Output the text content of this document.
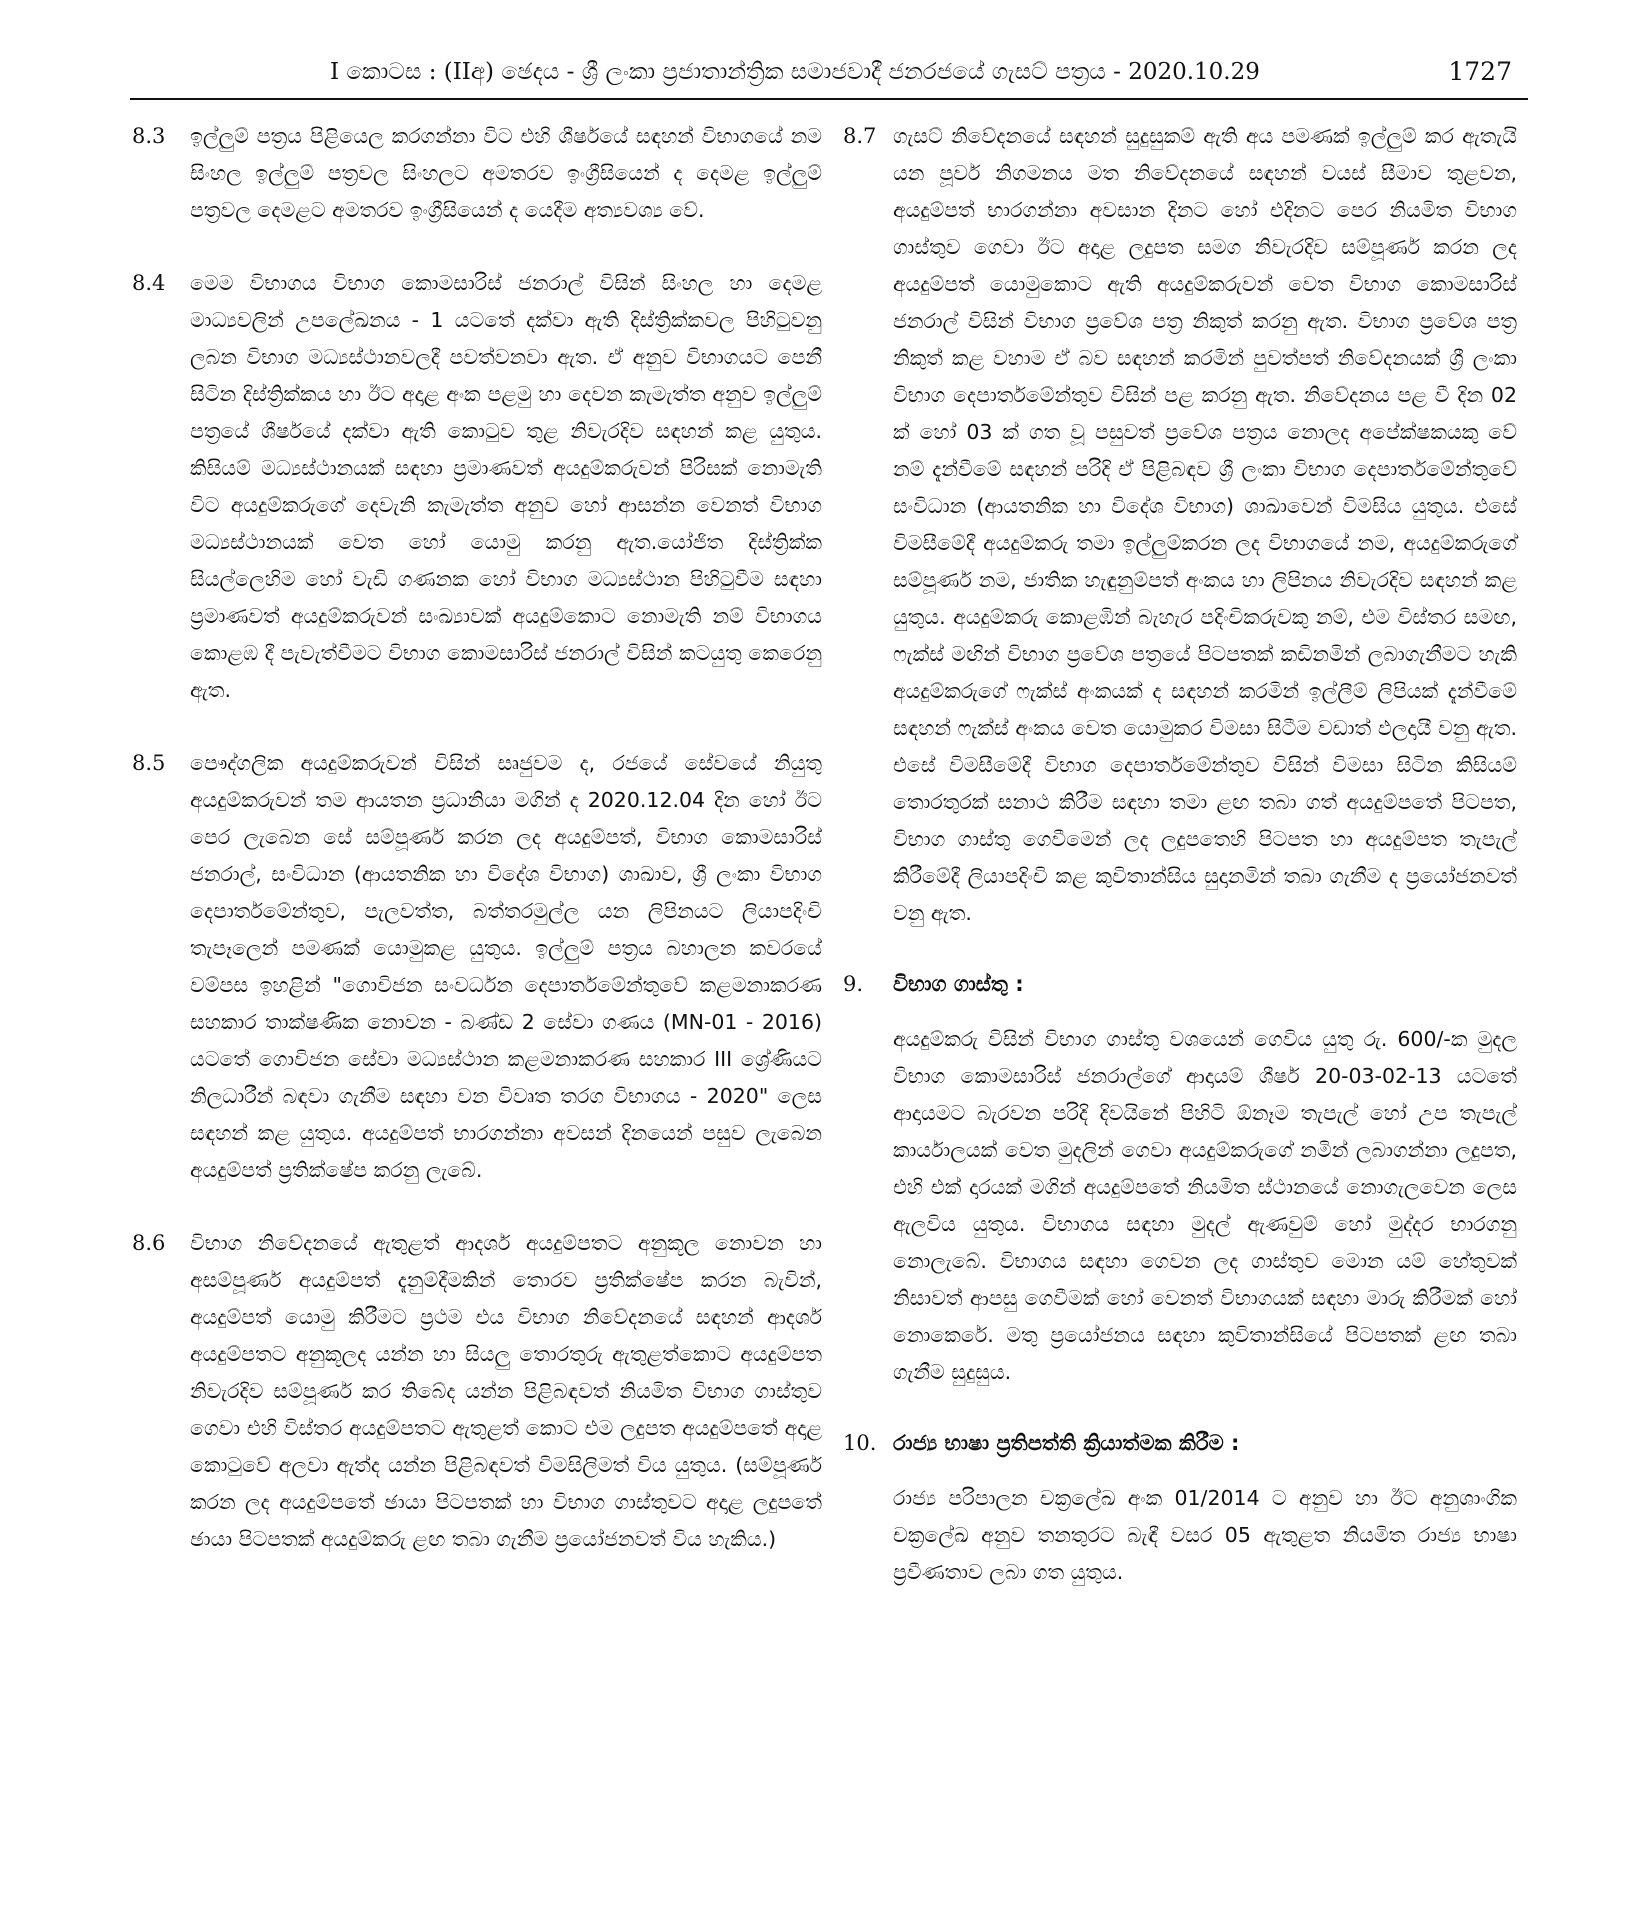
I කොටස : (IIඅ) ඡෙදය - ශ්‍රී ලංකා ප්‍රජාතාන්ත්‍රික සමාජවාදී ජනරජයේ ගැසට් පත්‍රය - 2020.10.29	1727
8.3 ඉල්ලුම් පත්‍රය පිළියෙල කරගන්නා විට එහි ශීර්ෂයේ සඳහන් විභාගයේ නම සිංහල ඉල්ලුම් පත්‍රවල සිංහලට අමතරව ඉංග්‍රීසියෙන් ද දෙමළ ඉල්ලුම් පත්‍රවල දෙමළට අමතරව ඉංග්‍රීසියෙන් ද යෙදීම අත්‍යවශ්‍ය වේ.

8.4 මෙම විභාගය විභාග කොමසාරිස් ජනරාල් විසින් සිංහල හා දෙමළ මාධ්‍යවලින් උපලේඛනය - 1 යටතේ දක්වා ඇති දිස්ත්‍රික්කවල පිහිටුවනු ලබන විභාග මධ්‍යස්ථානවලදී පවත්වනවා ඇත. ඒ අනුව විභාගයට පෙනී සිටින දිස්ත්‍රික්කය හා ඊට අදාළ අංක පළමු හා දෙවන කැමැත්ත අනුව ඉල්ලුම් පත්‍රයේ ශීර්ෂයේ දක්වා ඇති කොටුව තුළ නිවැරදිව සඳහන් කළ යුතුය. කිසියම් මධ්‍යස්ථානයක් සඳහා ප්‍රමාණවත් අයදුම්කරුවන් පිරිසක් නොමැති විට අයදුම්කරුගේ දෙවැනි කැමැත්ත අනුව හෝ ආසන්න වෙනත් විභාග මධ්‍යස්ථානයක් වෙත හෝ යොමු කරනු ඇත.යෝජිත දිස්ත්‍රික්ක සියල්ලෙහිම හෝ වැඩි ගණනක හෝ විභාග මධ්‍යස්ථාන පිහිටුවීම සඳහා ප්‍රමාණවත් අයදුම්කරුවන් සංඛ්‍යාවක් අයදුම්කොට නොමැති නම් විභාගය කොළඹ දී පැවැත්වීමට විභාග කොමසාරිස් ජනරාල් විසින් කටයුතු කෙරෙනු ඇත.

8.5 පෞද්ගලික අයදුම්කරුවන් විසින් සෘජුවම ද, රජයේ සේවයේ නියුතු අයදුම්කරුවන් තම ආයතන ප්‍රධානියා මගින් ද 2020.12.04 දින හෝ ඊට පෙර ලැබෙන සේ සම්පූර්ණ කරන ලද අයදුම්පත්, විභාග කොමසාරිස් ජනරාල්, සංවිධාන (ආයතනික හා විදේශ විභාග) ශාඛාව, ශ්‍රී ලංකා විභාග දෙපාර්තමේන්තුව, පැලවත්ත, බත්තරමුල්ල යන ලිපිනයට ලියාපදිංචි තැපෑලෙන් පමණක් යොමුකළ යුතුය. ඉල්ලුම් පත්‍රය බහාලන කවරයේ වම්පස ඉහළින් "ගොවිජන සංවර්ධන දෙපාර්තමේන්තුවේ කළමනාකරණ සහකාර තාක්ෂණික නොවන - බණ්ඩ 2 සේවා ගණය (MN-01 - 2016) යටතේ ගොවිජන සේවා මධ්‍යස්ථාන කළමනාකරණ සහකාර III ශ්‍රේණියට නිලධාරීන් බඳවා ගැනීම සඳහා වන විවෘත තරග විභාගය - 2020" ලෙස සඳහන් කළ යුතුය. අයදුම්පත් භාරගන්නා අවසන් දිනයෙන් පසුව ලැබෙන අයදුම්පත් ප්‍රතික්ෂේප කරනු ලැබේ.

8.6 විභාග නිවේදනයේ ඇතුළත් ආදර්ශ අයදුම්පතට අනුකූල නොවන හා අසම්පූර්ණ අයදුම්පත් දැනුම්දීමකින් තොරව ප්‍රතික්ෂේප කරන බැවින්, අයදුම්පත් යොමු කිරීමට ප්‍රථම එය විභාග නිවේදනයේ සඳහන් ආදර්ශ අයදුම්පතට අනුකූලද යන්න හා සියලු තොරතුරු ඇතුළත්කොට අයදුම්පත නිවැරදිව සම්පූර්ණ කර තිබේද යන්න පිළිබඳවත් නියමිත විභාග ගාස්තුව ගෙවා එහි විස්තර අයදුම්පතට ඇතුළත් කොට එම ලදුපත අයදුම්පතේ අදාළ කොටුවේ අලවා ඇත්ද යන්න පිළිබඳවත් විමසිලිමත් විය යුතුය. (සම්පූර්ණ කරන ලද අයදුම්පතේ ඡායා පිටපතක් හා විභාග ගාස්තුවට අදාළ ලදුපතේ ඡායා පිටපතක් අයදුම්කරු ළඟ තබා ගැනීම ප්‍රයෝජනවත් විය හැකිය.)

8.7 ගැසට් නිවේදනයේ සඳහන් සුදුසුකම් ඇති අය පමණක් ඉල්ලුම් කර ඇතැයි යන පූර්ව නිගමනය මත නිවේදනයේ සඳහන් වයස් සීමාව තුළවන, අයදුම්පත් භාරගන්නා අවසාන දිනට හෝ එදිනට පෙර නියමිත විභාග ගාස්තුව ගෙවා ඊට අදාළ ලදුපත සමග නිවැරදිව සම්පූර්ණ කරන ලද අයදුම්පත් යොමුකොට ඇති අයදුම්කරුවන් වෙත විභාග කොමසාරිස් ජනරාල් විසින් විභාග ප්‍රවේශ පත්‍ර නිකුත් කරනු ඇත. විභාග ප්‍රවේශ පත්‍ර නිකුත් කළ වහාම ඒ බව සඳහන් කරමින් පුවත්පත් නිවේදනයක් ශ්‍රී ලංකා විභාග දෙපාර්තමේන්තුව විසින් පළ කරනු ඇත. නිවේදනය පළ වී දින 02 ක් හෝ 03 ක් ගත වූ පසුවත් ප්‍රවේශ පත්‍රය නොලද අපේක්ෂකයකු වේ නම් දැන්වීමේ සඳහන් පරිදි ඒ පිළිබඳව ශ්‍රී ලංකා විභාග දෙපාර්තමේන්තුවේ සංවිධාන (ආයතනික හා විදේශ විභාග) ශාඛාවෙන් විමසිය යුතුය. එසේ විමසීමේදී අයදුම්කරු තමා ඉල්ලුම්කරන ලද විභාගයේ නම, අයදුම්කරුගේ සම්පූර්ණ නම, ජාතික හැඳුනුම්පත් අංකය හා ලිපිනය නිවැරදිව සඳහන් කළ යුතුය. අයදුම්කරු කොළඹින් බැහැර පදිංචිකරුවකු නම්, එම විස්තර සමඟ, ෆැක්ස් මඟින් විභාග ප්‍රවේශ පත්‍රයේ පිටපතක් කඩිනමින් ලබාගැනීමට හැකි අයදුම්කරුගේ ෆැක්ස් අංකයක් ද සඳහන් කරමින් ඉල්ලීම් ලිපියක් දැන්වීමේ සඳහන් ෆැක්ස් අංකය වෙත යොමුකර විමසා සිටීම වඩාත් ඵලදායී වනු ඇත. එසේ විමසීමේදී විභාග දෙපාර්තමේන්තුව විසින් විමසා සිටින කිසියම් තොරතුරක් සනාථ කිරීම සඳහා තමා ළඟ තබා ගත් අයදුම්පතේ පිටපත, විභාග ගාස්තු ගෙවීමෙන් ලද ලදුපතෙහි පිටපත හා අයදුම්පත තැපැල් කිරීමේදී ලියාපදිංචි කළ කුවිතාන්සිය සුදානමින් තබා ගැනීම ද ප්‍රයෝජනවත් වනු ඇත.

9. විභාග ගාස්තු :

අයදුම්කරු විසින් විභාග ගාස්තු වශයෙන් ගෙවිය යුතු රු. 600/-ක මුදල විභාග කොමසාරිස් ජනරාල්ගේ ආදායම් ශීර්ෂ 20-03-02-13 යටතේ ආදායමට බැරවන පරිදි දිවයිනේ පිහිටි ඕනෑම තැපැල් හෝ උප තැපැල් කාර්යාලයක් වෙත මුදලින් ගෙවා අයදුම්කරුගේ නමින් ලබාගන්නා ලදුපත, එහි එක් දාරයක් මගින් අයදුම්පතේ නියමිත ස්ථානයේ නොගැලවෙන ලෙස ඇලවිය යුතුය. විභාගය සඳහා මුදල් ඇණවුම් හෝ මුද්දර භාරගනු නොලැබේ. විභාගය සඳහා ගෙවන ලද ගාස්තුව මොන යම් හේතුවක් නිසාවත් ආපසු ගෙවීමක් හෝ වෙනත් විභාගයක් සඳහා මාරු කිරීමක් හෝ නොකෙරේ. මතු ප්‍රයෝජනය සඳහා කුවිතාන්සියේ පිටපතක් ළඟ තබා ගැනීම සුදුසුය.

10. රාජ්‍ය භාෂා ප්‍රතිපත්ති ක්‍රියාත්මක කිරීම :

රාජ්‍ය පරිපාලන චක්‍රලේඛ අංක 01/2014 ට අනුව හා ඊට අනුශාංගික චක්‍රලේඛ අනුව තනතුරට බැඳී වසර 05 ඇතුළත නියමිත රාජ්‍ය භාෂා ප්‍රවීණතාව ලබා ගත යුතුය.
